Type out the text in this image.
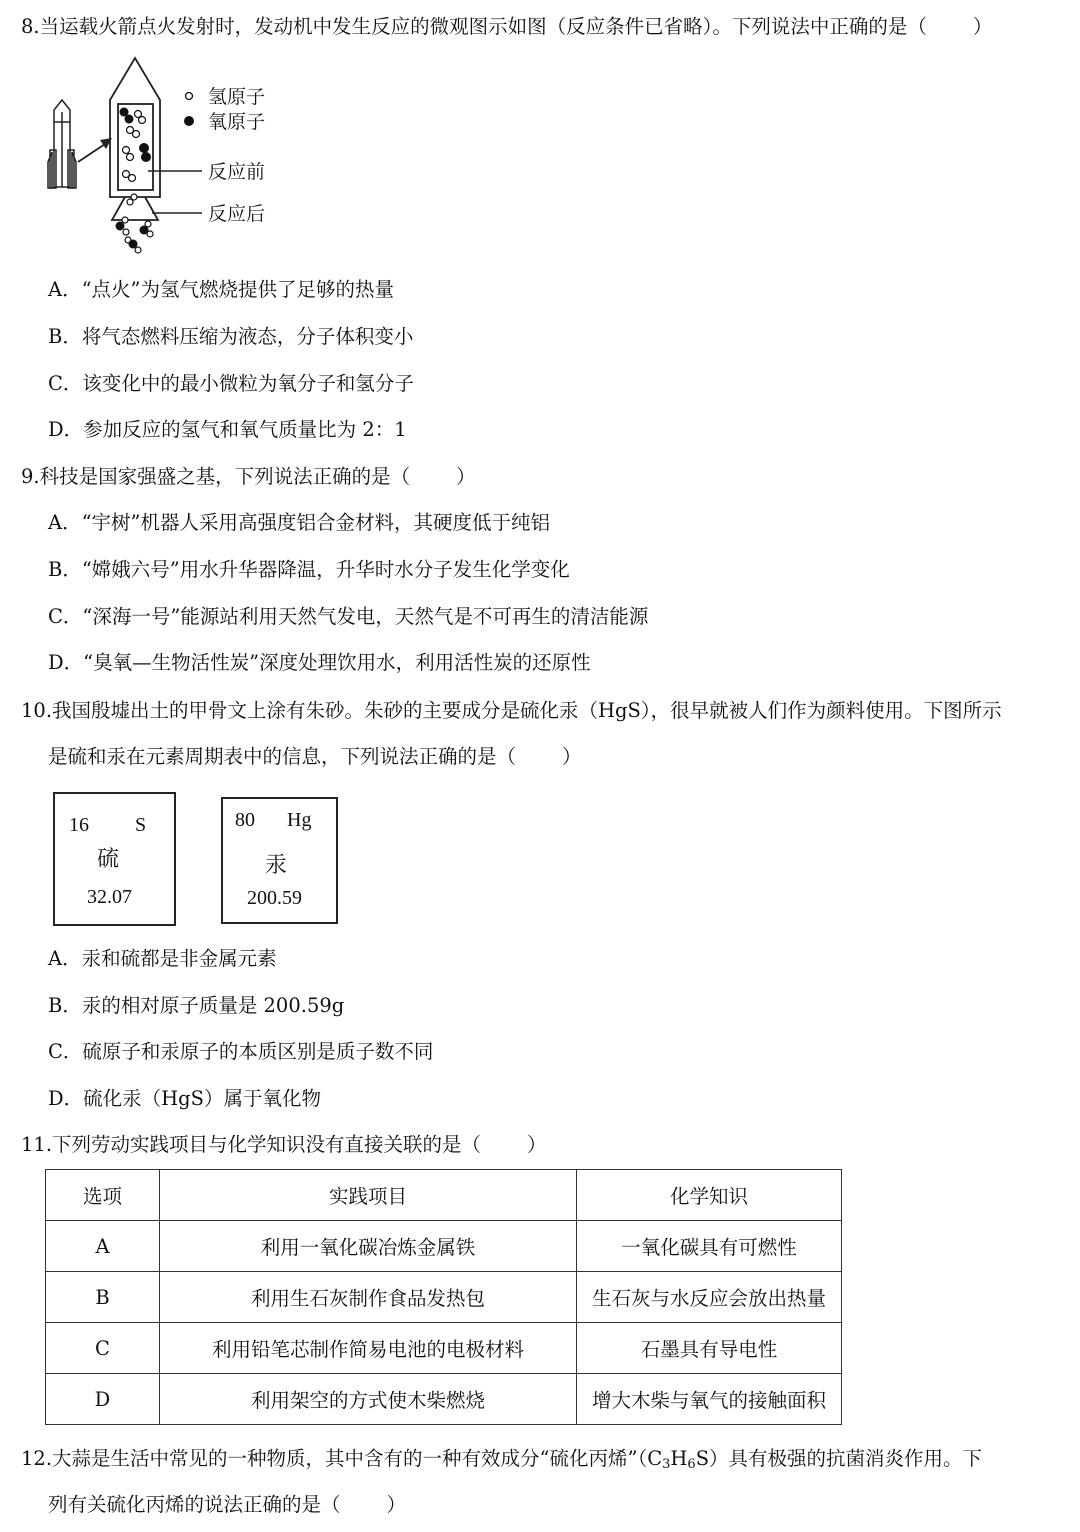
8.当运载火箭点火发射时，发动机中发生反应的微观图示如图（反应条件已省略）。下列说法中正确的是（ ）
氢原子
氧原子
反应前
反应后
A．“点火”为氢气燃烧提供了足够的热量
B．将气态燃料压缩为液态，分子体积变小
C．该变化中的最小微粒为氧分子和氢分子
D．参加反应的氢气和氧气质量比为 2：1
9.科技是国家强盛之基，下列说法正确的是（ ）
A．“宇树”机器人采用高强度铝合金材料，其硬度低于纯铝
B．“嫦娥六号”用水升华器降温，升华时水分子发生化学变化
C．“深海一号”能源站利用天然气发电，天然气是不可再生的清洁能源
D．“臭氧—生物活性炭”深度处理饮用水，利用活性炭的还原性
10.我国殷墟出土的甲骨文上涂有朱砂。朱砂的主要成分是硫化汞（HgS），很早就被人们作为颜料使用。下图所示
是硫和汞在元素周期表中的信息，下列说法正确的是（ ）
16 S
硫
32.07
80 Hg
汞
200.59
A．汞和硫都是非金属元素
B．汞的相对原子质量是 200.59g
C．硫原子和汞原子的本质区别是质子数不同
D．硫化汞（HgS）属于氧化物
11.下列劳动实践项目与化学知识没有直接关联的是（ ）
选项	实践项目	化学知识
A	利用一氧化碳冶炼金属铁	一氧化碳具有可燃性
B	利用生石灰制作食品发热包	生石灰与水反应会放出热量
C	利用铅笔芯制作简易电池的电极材料	石墨具有导电性
D	利用架空的方式使木柴燃烧	增大木柴与氧气的接触面积
12.大蒜是生活中常见的一种物质，其中含有的一种有效成分“硫化丙烯$”(C_3H_6S)$具有极强的抗菌消炎作用。下
列有关硫化丙烯的说法正确的是（ ）
